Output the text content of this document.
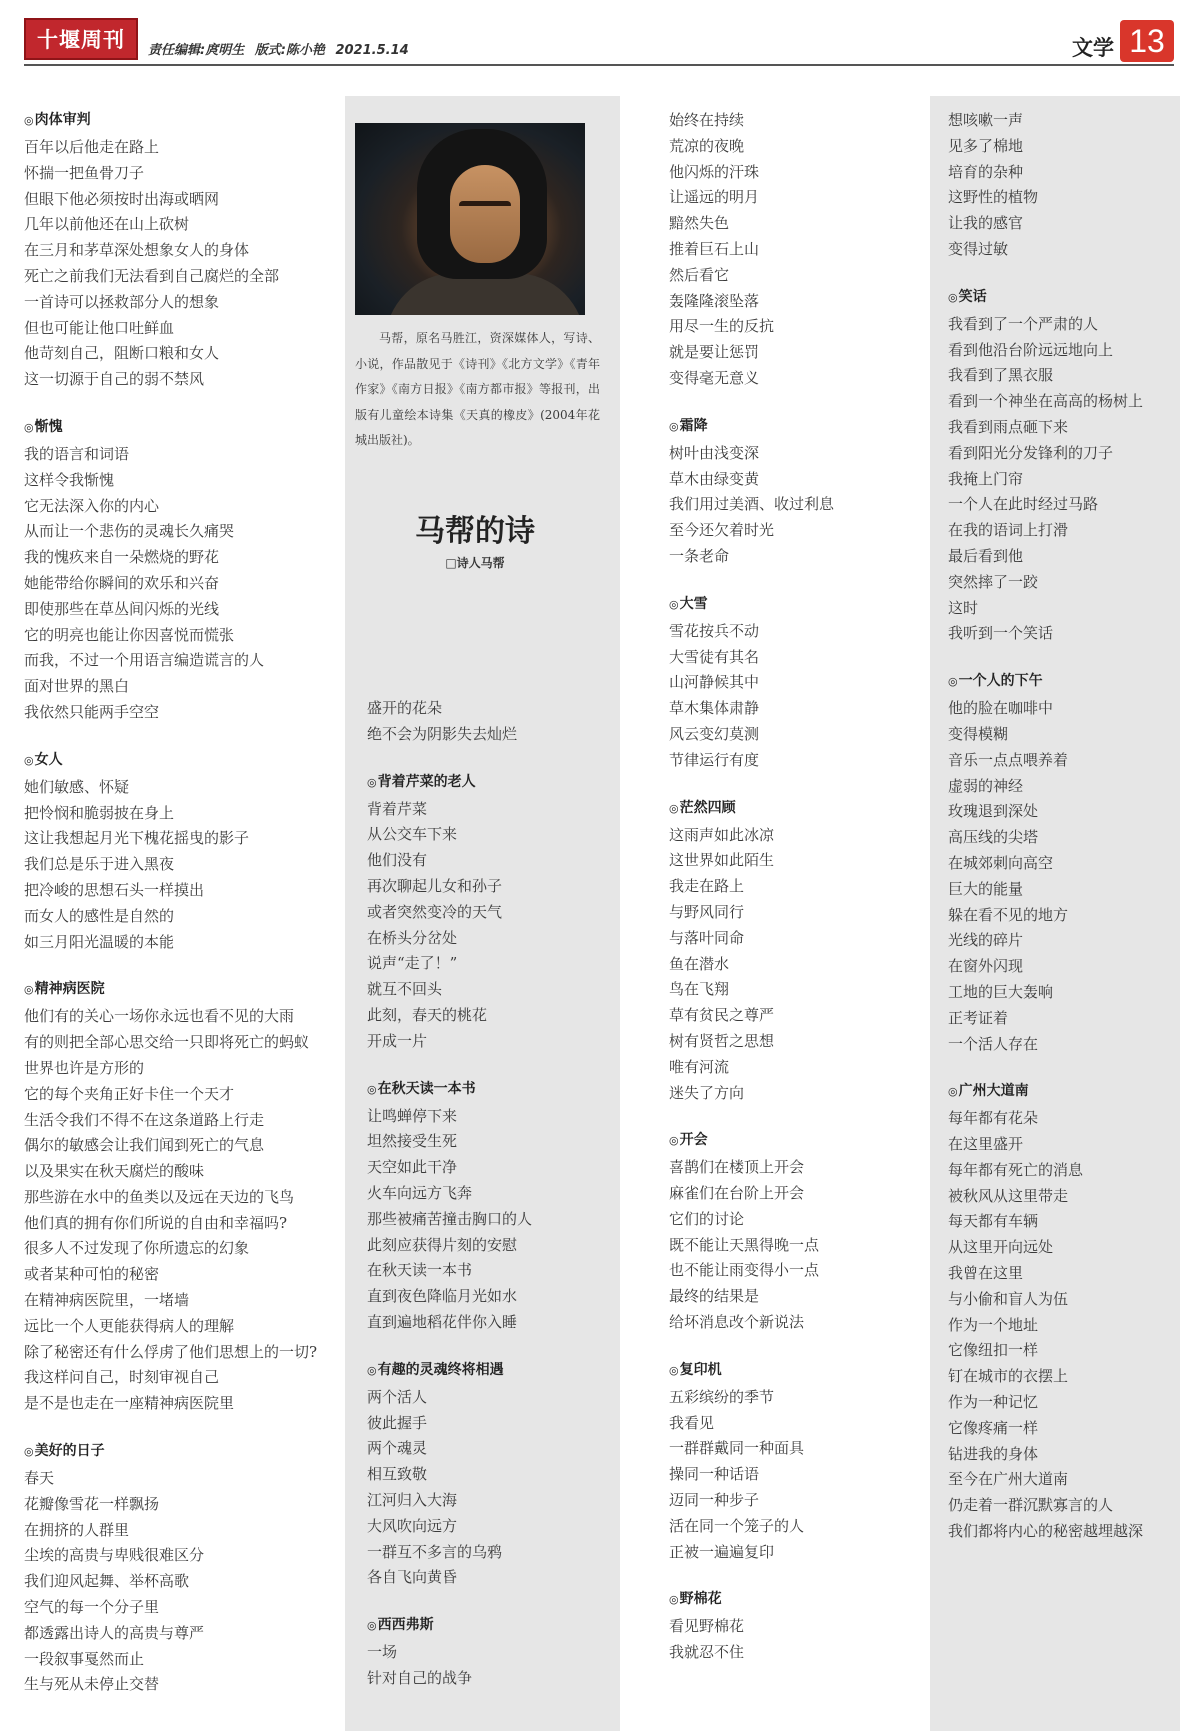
十堰周刊	责任编辑:庹明生 版式:陈小艳 2021.5.14	文学 13
◎肉体审判
百年以后他走在路上
怀揣一把鱼骨刀子
但眼下他必须按时出海或晒网
几年以前他还在山上砍树
在三月和茅草深处想象女人的身体
死亡之前我们无法看到自己腐烂的全部
一首诗可以拯救部分人的想象
但也可能让他口吐鲜血
他苛刻自己，阻断口粮和女人
这一切源于自己的弱不禁风
◎惭愧
我的语言和词语
这样令我惭愧
它无法深入你的内心
从而让一个悲伤的灵魂长久痛哭
我的愧疚来自一朵燃烧的野花
她能带给你瞬间的欢乐和兴奋
即使那些在草丛间闪烁的光线
它的明亮也能让你因喜悦而慌张
而我，不过一个用语言编造谎言的人
面对世界的黑白
我依然只能两手空空
◎女人
她们敏感、怀疑
把怜悯和脆弱披在身上
这让我想起月光下槐花摇曳的影子
我们总是乐于进入黑夜
把冷峻的思想石头一样摸出
而女人的感性是自然的
如三月阳光温暖的本能
◎精神病医院
他们有的关心一场你永远也看不见的大雨
有的则把全部心思交给一只即将死亡的蚂蚁
世界也许是方形的
它的每个夹角正好卡住一个天才
生活令我们不得不在这条道路上行走
偶尔的敏感会让我们闻到死亡的气息
以及果实在秋天腐烂的酸味
那些游在水中的鱼类以及远在天边的飞鸟
他们真的拥有你们所说的自由和幸福吗?
很多人不过发现了你所遗忘的幻象
或者某种可怕的秘密
在精神病医院里，一堵墙
远比一个人更能获得病人的理解
除了秘密还有什么俘虏了他们思想上的一切?
我这样问自己，时刻审视自己
是不是也走在一座精神病医院里
◎美好的日子
春天
花瓣像雪花一样飘扬
在拥挤的人群里
尘埃的高贵与卑贱很难区分
我们迎风起舞、举杯高歌
空气的每一个分子里
都透露出诗人的高贵与尊严
一段叙事戛然而止
生与死从未停止交替
马帮，原名马胜江，资深媒体人，写诗、小说，作品散见于《诗刊》《北方文学》《青年作家》《南方日报》《南方都市报》等报刊，出版有儿童绘本诗集《天真的橡皮》(2004年花城出版社)。
马帮的诗
□诗人马帮
盛开的花朵
绝不会为阴影失去灿烂
◎背着芹菜的老人
背着芹菜
从公交车下来
他们没有
再次聊起儿女和孙子
或者突然变冷的天气
在桥头分岔处
说声“走了！”
就互不回头
此刻，春天的桃花
开成一片
◎在秋天读一本书
让鸣蝉停下来
坦然接受生死
天空如此干净
火车向远方飞奔
那些被痛苦撞击胸口的人
此刻应获得片刻的安慰
在秋天读一本书
直到夜色降临月光如水
直到遍地稻花伴你入睡
◎有趣的灵魂终将相遇
两个活人
彼此握手
两个魂灵
相互致敬
江河归入大海
大风吹向远方
一群互不多言的乌鸦
各自飞向黄昏
◎西西弗斯
一场
针对自己的战争
始终在持续
荒凉的夜晚
他闪烁的汗珠
让遥远的明月
黯然失色
推着巨石上山
然后看它
轰隆隆滚坠落
用尽一生的反抗
就是要让惩罚
变得毫无意义
◎霜降
树叶由浅变深
草木由绿变黄
我们用过美酒、收过利息
至今还欠着时光
一条老命
◎大雪
雪花按兵不动
大雪徒有其名
山河静候其中
草木集体肃静
风云变幻莫测
节律运行有度
◎茫然四顾
这雨声如此冰凉
这世界如此陌生
我走在路上
与野风同行
与落叶同命
鱼在潜水
鸟在飞翔
草有贫民之尊严
树有贤哲之思想
唯有河流
迷失了方向
◎开会
喜鹊们在楼顶上开会
麻雀们在台阶上开会
它们的讨论
既不能让天黑得晚一点
也不能让雨变得小一点
最终的结果是
给坏消息改个新说法
◎复印机
五彩缤纷的季节
我看见
一群群戴同一种面具
操同一种话语
迈同一种步子
活在同一个笼子的人
正被一遍遍复印
◎野棉花
看见野棉花
我就忍不住
想咳嗽一声
见多了棉地
培育的杂种
这野性的植物
让我的感官
变得过敏
◎笑话
我看到了一个严肃的人
看到他沿台阶远远地向上
我看到了黑衣服
看到一个神坐在高高的杨树上
我看到雨点砸下来
看到阳光分发锋利的刀子
我掩上门帘
一个人在此时经过马路
在我的语词上打滑
最后看到他
突然摔了一跤
这时
我听到一个笑话
◎一个人的下午
他的脸在咖啡中
变得模糊
音乐一点点喂养着
虚弱的神经
玫瑰退到深处
高压线的尖塔
在城郊刺向高空
巨大的能量
躲在看不见的地方
光线的碎片
在窗外闪现
工地的巨大轰响
正考证着
一个活人存在
◎广州大道南
每年都有花朵
在这里盛开
每年都有死亡的消息
被秋风从这里带走
每天都有车辆
从这里开向远处
我曾在这里
与小偷和盲人为伍
作为一个地址
它像纽扣一样
钉在城市的衣摆上
作为一种记忆
它像疼痛一样
钻进我的身体
至今在广州大道南
仍走着一群沉默寡言的人
我们都将内心的秘密越埋越深
